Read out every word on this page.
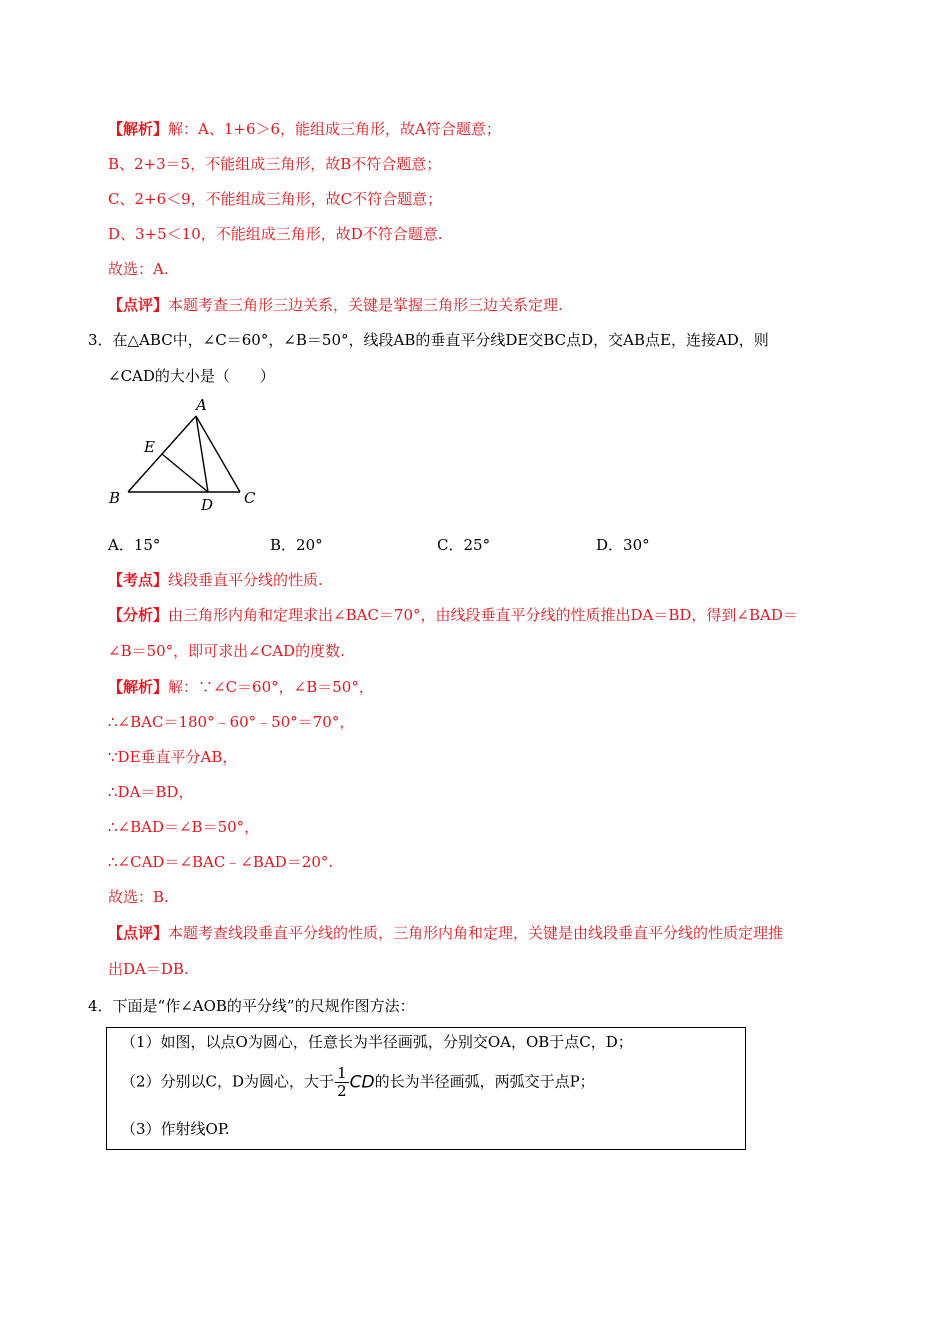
【解析】解：A、1+6＞6，能组成三角形，故A符合题意；
B、2+3＝5，不能组成三角形，故B不符合题意；
C、2+6＜9，不能组成三角形，故C不符合题意；
D、3+5＜10，不能组成三角形，故D不符合题意.
故选：A.
【点评】本题考查三角形三边关系，关键是掌握三角形三边关系定理.
3．在△ABC中，∠C＝60°，∠B＝50°，线段AB的垂直平分线DE交BC点D，交AB点E，连接AD，则
∠CAD的大小是（　　）
A
E
B	D C
A．15°	B．20°	C．25°	D．30°
【考点】线段垂直平分线的性质.
【分析】由三角形内角和定理求出∠BAC＝70°，由线段垂直平分线的性质推出DA＝BD，得到∠BAD＝
∠B＝50°，即可求出∠CAD的度数.
【解析】解：∵∠C＝60°，∠B＝50°，
∴∠BAC＝180°﹣60°﹣50°＝70°，
∵DE垂直平分AB，
∴DA＝BD，
∴∠BAD＝∠B＝50°，
∴∠CAD＝∠BAC﹣∠BAD＝20°.
故选：B.
【点评】本题考查线段垂直平分线的性质，三角形内角和定理，关键是由线段垂直平分线的性质定理推
出DA＝DB.
4．下面是“作∠AOB的平分线”的尺规作图方法：
（1）如图，以点O为圆心，任意长为半径画弧，分别交OA，OB于点C，D；
（2）分别以C，D为圆心，大于 $\frac{1}{2}$ CD的长为半径画弧，两弧交于点P；
（3）作射线OP.
